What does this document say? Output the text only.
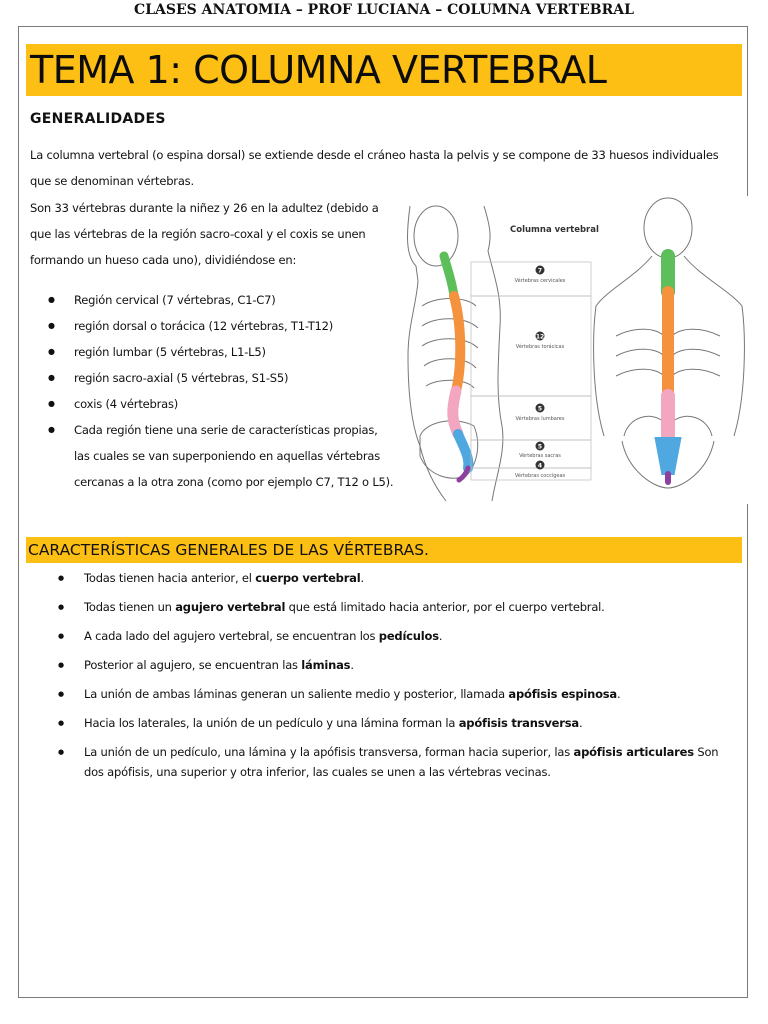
CLASES ANATOMIA – PROF LUCIANA – COLUMNA VERTEBRAL
TEMA 1: COLUMNA VERTEBRAL
GENERALIDADES
La columna vertebral (o espina dorsal) se extiende desde el cráneo hasta la pelvis y se compone de 33 huesos individuales que se denominan vértebras.
Son 33 vértebras durante la niñez y 26 en la adultez (debido a que las vértebras de la región sacro-coxal y el coxis se unen formando un hueso cada uno), dividiéndose en:
● Región cervical (7 vértebras, C1-C7)
● región dorsal o torácica (12 vértebras, T1-T12)
● región lumbar (5 vértebras, L1-L5)
● región sacro-axial (5 vértebras, S1-S5)
● coxis (4 vértebras)
● Cada región tiene una serie de características propias, las cuales se van superponiendo en aquellas vértebras cercanas a la otra zona (como por ejemplo C7, T12 o L5).
Columna vertebral
7
12
5
5
4
Vértebras cervicales
Vértebras torácicas
Vértebras lumbares
Vértebras sacras
Vértebras coccígeas
CARACTERÍSTICAS GENERALES DE LAS VÉRTEBRAS.
● Todas tienen hacia anterior, el cuerpo vertebral.
● Todas tienen un agujero vertebral que está limitado hacia anterior, por el cuerpo vertebral.
● A cada lado del agujero vertebral, se encuentran los pedículos.
● Posterior al agujero, se encuentran las láminas.
● La unión de ambas láminas generan un saliente medio y posterior, llamada apófisis espinosa.
● Hacia los laterales, la unión de un pedículo y una lámina forman la apófisis transversa.
● La unión de un pedículo, una lámina y la apófisis transversa, forman hacia superior, las apófisis articulares Son dos apófisis, una superior y otra inferior, las cuales se unen a las vértebras vecinas.
